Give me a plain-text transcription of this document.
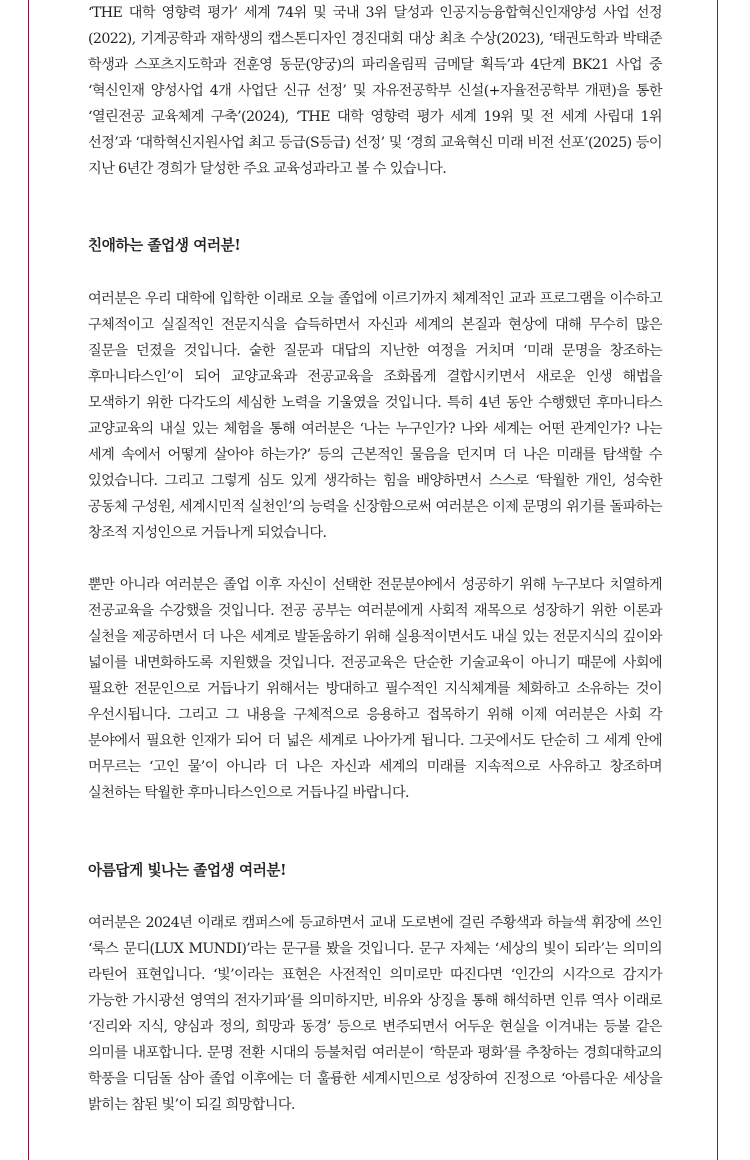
‘THE 대학 영향력 평가’ 세계 74위 및 국내 3위 달성과 인공지능융합혁신인재양성 사업 선정(2022), 기계공학과 재학생의 캡스톤디자인 경진대회 대상 최초 수상(2023), ‘태권도학과 박태준 학생과 스포츠지도학과 전훈영 동문(양궁)의 파리올림픽 금메달 획득’과 4단계 BK21 사업 중 ‘혁신인재 양성사업 4개 사업단 신규 선정’ 및 자유전공학부 신설(+자율전공학부 개편)을 통한 ‘열린전공 교육체계 구축’(2024), ‘THE 대학 영향력 평가 세계 19위 및 전 세계 사립대 1위 선정’과 ‘대학혁신지원사업 최고 등급(S등급) 선정’ 및 ‘경희 교육혁신 미래 비전 선포’(2025) 등이 지난 6년간 경희가 달성한 주요 교육성과라고 볼 수 있습니다.

친애하는 졸업생 여러분!

여러분은 우리 대학에 입학한 이래로 오늘 졸업에 이르기까지 체계적인 교과 프로그램을 이수하고 구체적이고 실질적인 전문지식을 습득하면서 자신과 세계의 본질과 현상에 대해 무수히 많은 질문을 던졌을 것입니다. 숱한 질문과 대답의 지난한 여정을 거치며 ‘미래 문명을 창조하는 후마니타스인’이 되어 교양교육과 전공교육을 조화롭게 결합시키면서 새로운 인생 해법을 모색하기 위한 다각도의 세심한 노력을 기울였을 것입니다. 특히 4년 동안 수행했던 후마니타스 교양교육의 내실 있는 체험을 통해 여러분은 ‘나는 누구인가? 나와 세계는 어떤 관계인가? 나는 세계 속에서 어떻게 살아야 하는가?’ 등의 근본적인 물음을 던지며 더 나은 미래를 탐색할 수 있었습니다. 그리고 그렇게 심도 있게 생각하는 힘을 배양하면서 스스로 ‘탁월한 개인, 성숙한 공동체 구성원, 세계시민적 실천인’의 능력을 신장함으로써 여러분은 이제 문명의 위기를 돌파하는 창조적 지성인으로 거듭나게 되었습니다.

뿐만 아니라 여러분은 졸업 이후 자신이 선택한 전문분야에서 성공하기 위해 누구보다 치열하게 전공교육을 수강했을 것입니다. 전공 공부는 여러분에게 사회적 재목으로 성장하기 위한 이론과 실천을 제공하면서 더 나은 세계로 발돋움하기 위해 실용적이면서도 내실 있는 전문지식의 깊이와 넓이를 내면화하도록 지원했을 것입니다. 전공교육은 단순한 기술교육이 아니기 때문에 사회에 필요한 전문인으로 거듭나기 위해서는 방대하고 필수적인 지식체계를 체화하고 소유하는 것이 우선시됩니다. 그리고 그 내용을 구체적으로 응용하고 접목하기 위해 이제 여러분은 사회 각 분야에서 필요한 인재가 되어 더 넓은 세계로 나아가게 됩니다. 그곳에서도 단순히 그 세계 안에 머무르는 ‘고인 물’이 아니라 더 나은 자신과 세계의 미래를 지속적으로 사유하고 창조하며 실천하는 탁월한 후마니타스인으로 거듭나길 바랍니다.

아름답게 빛나는 졸업생 여러분!

여러분은 2024년 이래로 캠퍼스에 등교하면서 교내 도로변에 걸린 주황색과 하늘색 휘장에 쓰인 ‘룩스 문디(LUX MUNDI)’라는 문구를 봤을 것입니다. 문구 자체는 ‘세상의 빛이 되라’는 의미의 라틴어 표현입니다. ‘빛’이라는 표현은 사전적인 의미로만 따진다면 ‘인간의 시각으로 감지가 가능한 가시광선 영역의 전자기파’를 의미하지만, 비유와 상징을 통해 해석하면 인류 역사 이래로 ‘진리와 지식, 양심과 정의, 희망과 동경’ 등으로 변주되면서 어두운 현실을 이겨내는 등불 같은 의미를 내포합니다. 문명 전환 시대의 등불처럼 여러분이 ‘학문과 평화’를 추창하는 경희대학교의 학풍을 디딤돌 삼아 졸업 이후에는 더 훌륭한 세계시민으로 성장하여 진정으로 ‘아름다운 세상을 밝히는 참된 빛’이 되길 희망합니다.
